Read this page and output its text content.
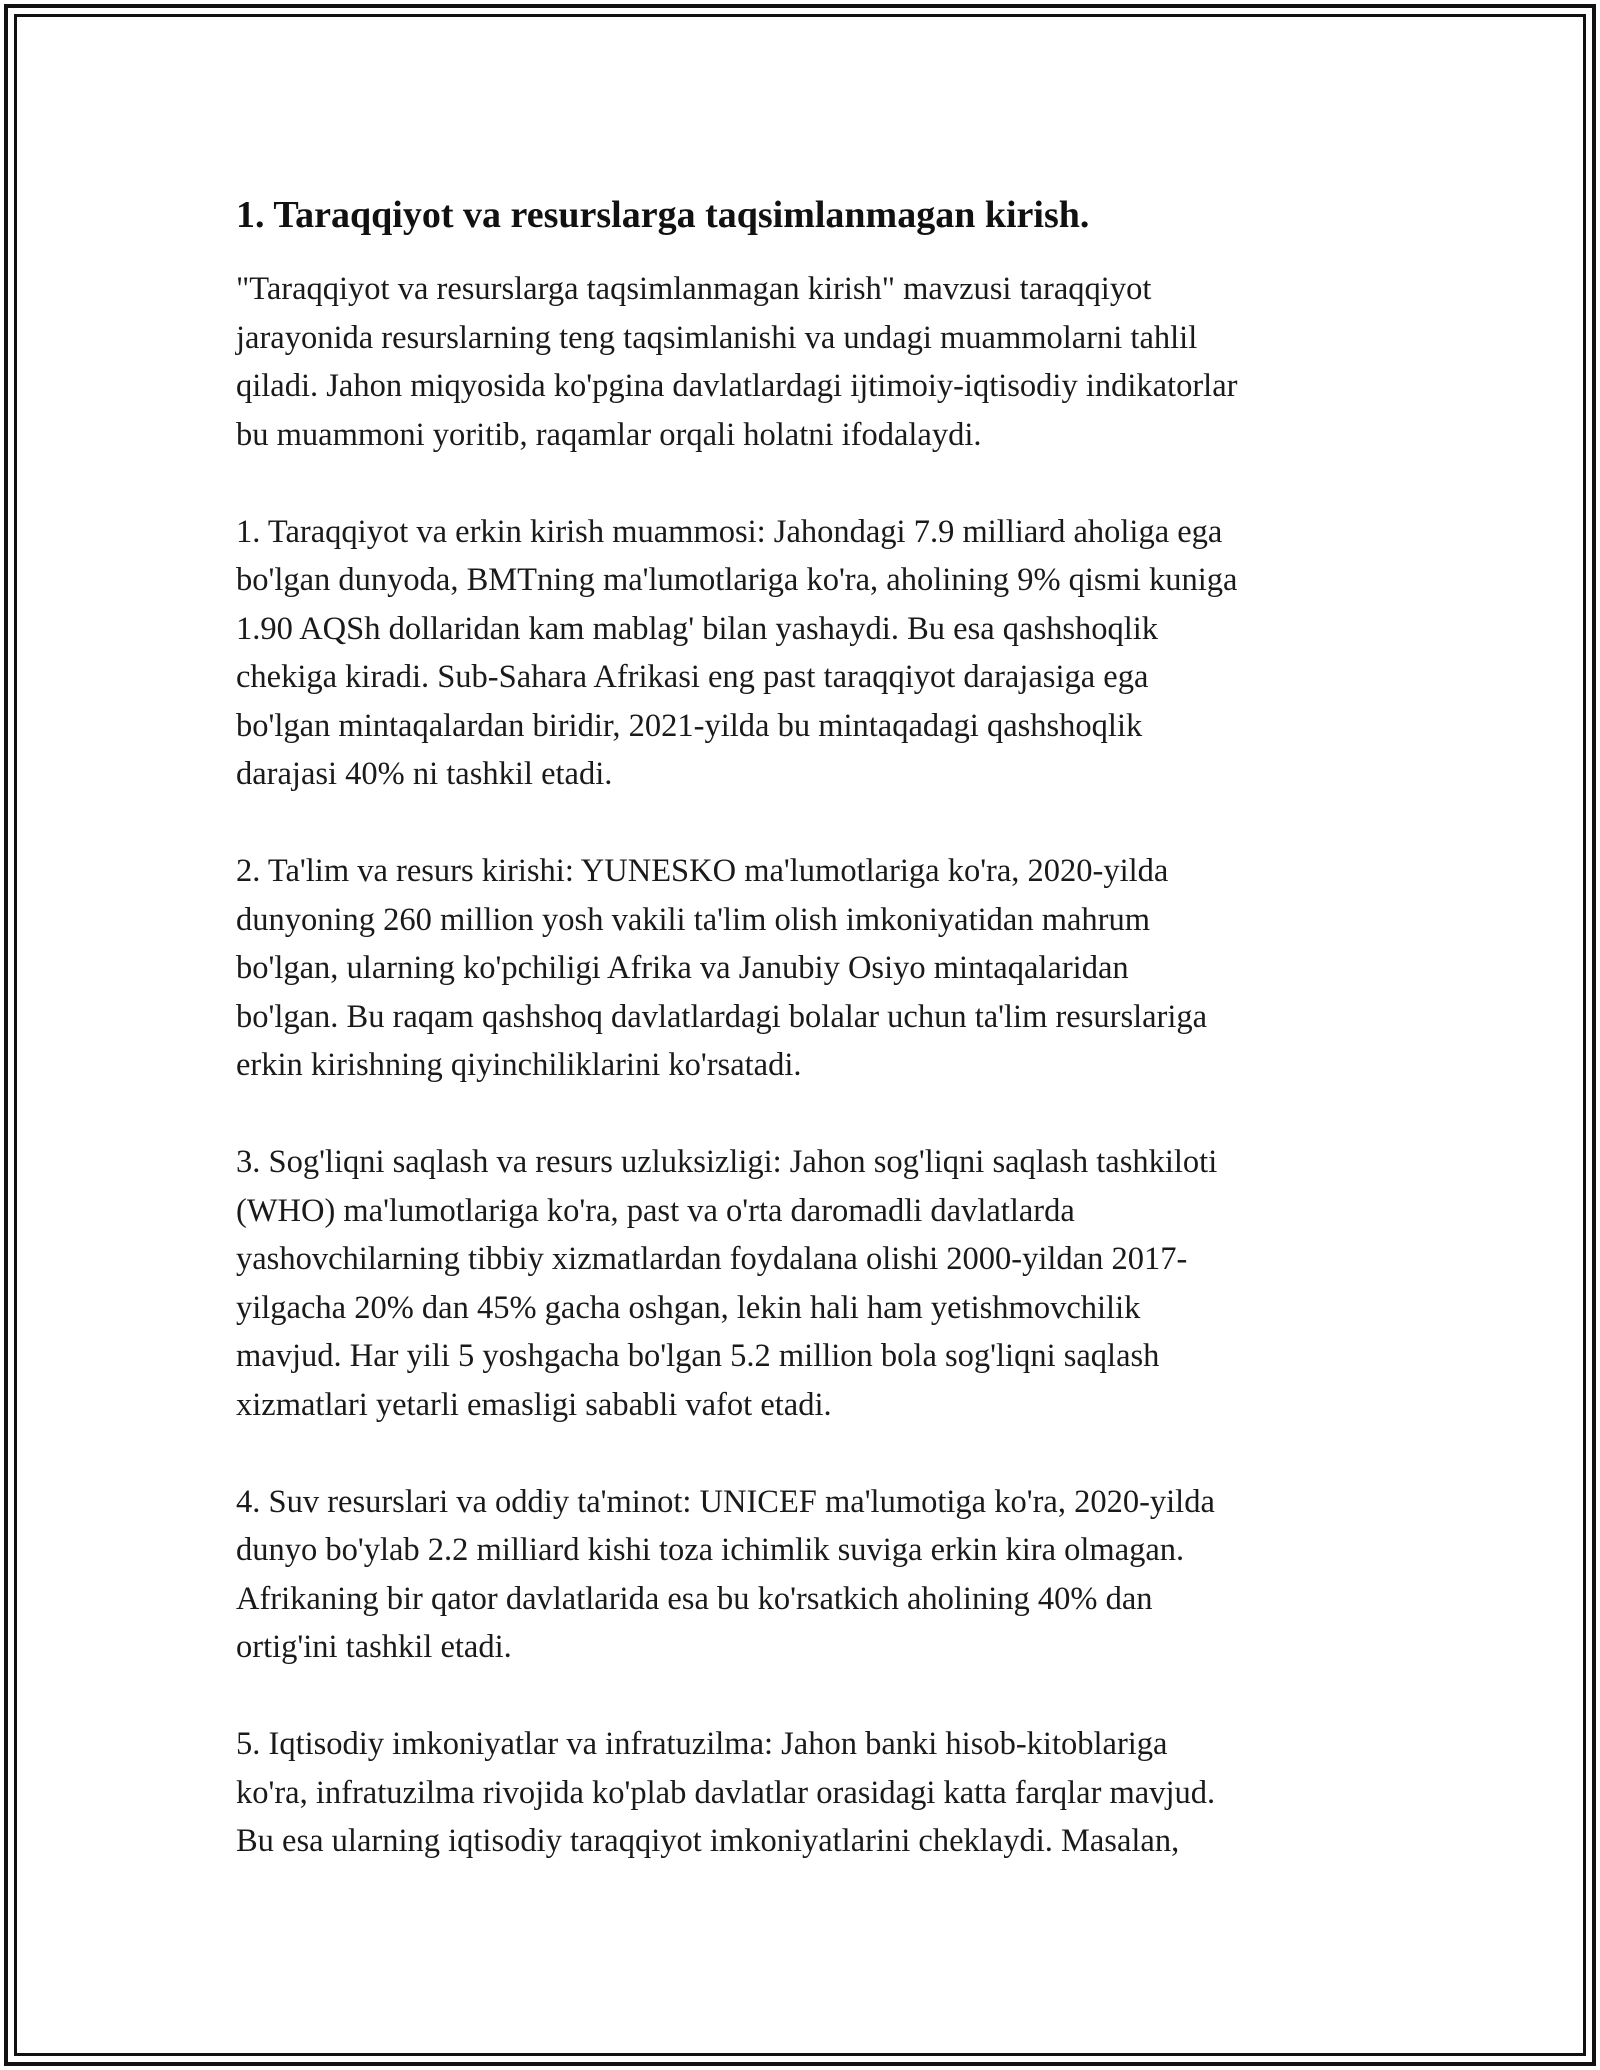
1. Taraqqiyot va resurslarga taqsimlanmagan kirish.

"Taraqqiyot va resurslarga taqsimlanmagan kirish" mavzusi taraqqiyot
jarayonida resurslarning teng taqsimlanishi va undagi muammolarni tahlil
qiladi. Jahon miqyosida ko'pgina davlatlardagi ijtimoiy-iqtisodiy indikatorlar
bu muammoni yoritib, raqamlar orqali holatni ifodalaydi.

1. Taraqqiyot va erkin kirish muammosi: Jahondagi 7.9 milliard aholiga ega
bo'lgan dunyoda, BMTning ma'lumotlariga ko'ra, aholining 9% qismi kuniga
1.90 AQSh dollaridan kam mablag' bilan yashaydi. Bu esa qashshoqlik
chekiga kiradi. Sub-Sahara Afrikasi eng past taraqqiyot darajasiga ega
bo'lgan mintaqalardan biridir, 2021-yilda bu mintaqadagi qashshoqlik
darajasi 40% ni tashkil etadi.

2. Ta'lim va resurs kirishi: YUNESKO ma'lumotlariga ko'ra, 2020-yilda
dunyoning 260 million yosh vakili ta'lim olish imkoniyatidan mahrum
bo'lgan, ularning ko'pchiligi Afrika va Janubiy Osiyo mintaqalaridan
bo'lgan. Bu raqam qashshoq davlatlardagi bolalar uchun ta'lim resurslariga
erkin kirishning qiyinchiliklarini ko'rsatadi.

3. Sog'liqni saqlash va resurs uzluksizligi: Jahon sog'liqni saqlash tashkiloti
(WHO) ma'lumotlariga ko'ra, past va o'rta daromadli davlatlarda
yashovchilarning tibbiy xizmatlardan foydalana olishi 2000-yildan 2017-
yilgacha 20% dan 45% gacha oshgan, lekin hali ham yetishmovchilik
mavjud. Har yili 5 yoshgacha bo'lgan 5.2 million bola sog'liqni saqlash
xizmatlari yetarli emasligi sababli vafot etadi.

4. Suv resurslari va oddiy ta'minot: UNICEF ma'lumotiga ko'ra, 2020-yilda
dunyo bo'ylab 2.2 milliard kishi toza ichimlik suviga erkin kira olmagan.
Afrikaning bir qator davlatlarida esa bu ko'rsatkich aholining 40% dan
ortig'ini tashkil etadi.

5. Iqtisodiy imkoniyatlar va infratuzilma: Jahon banki hisob-kitoblariga
ko'ra, infratuzilma rivojida ko'plab davlatlar orasidagi katta farqlar mavjud.
Bu esa ularning iqtisodiy taraqqiyot imkoniyatlarini cheklaydi. Masalan,
